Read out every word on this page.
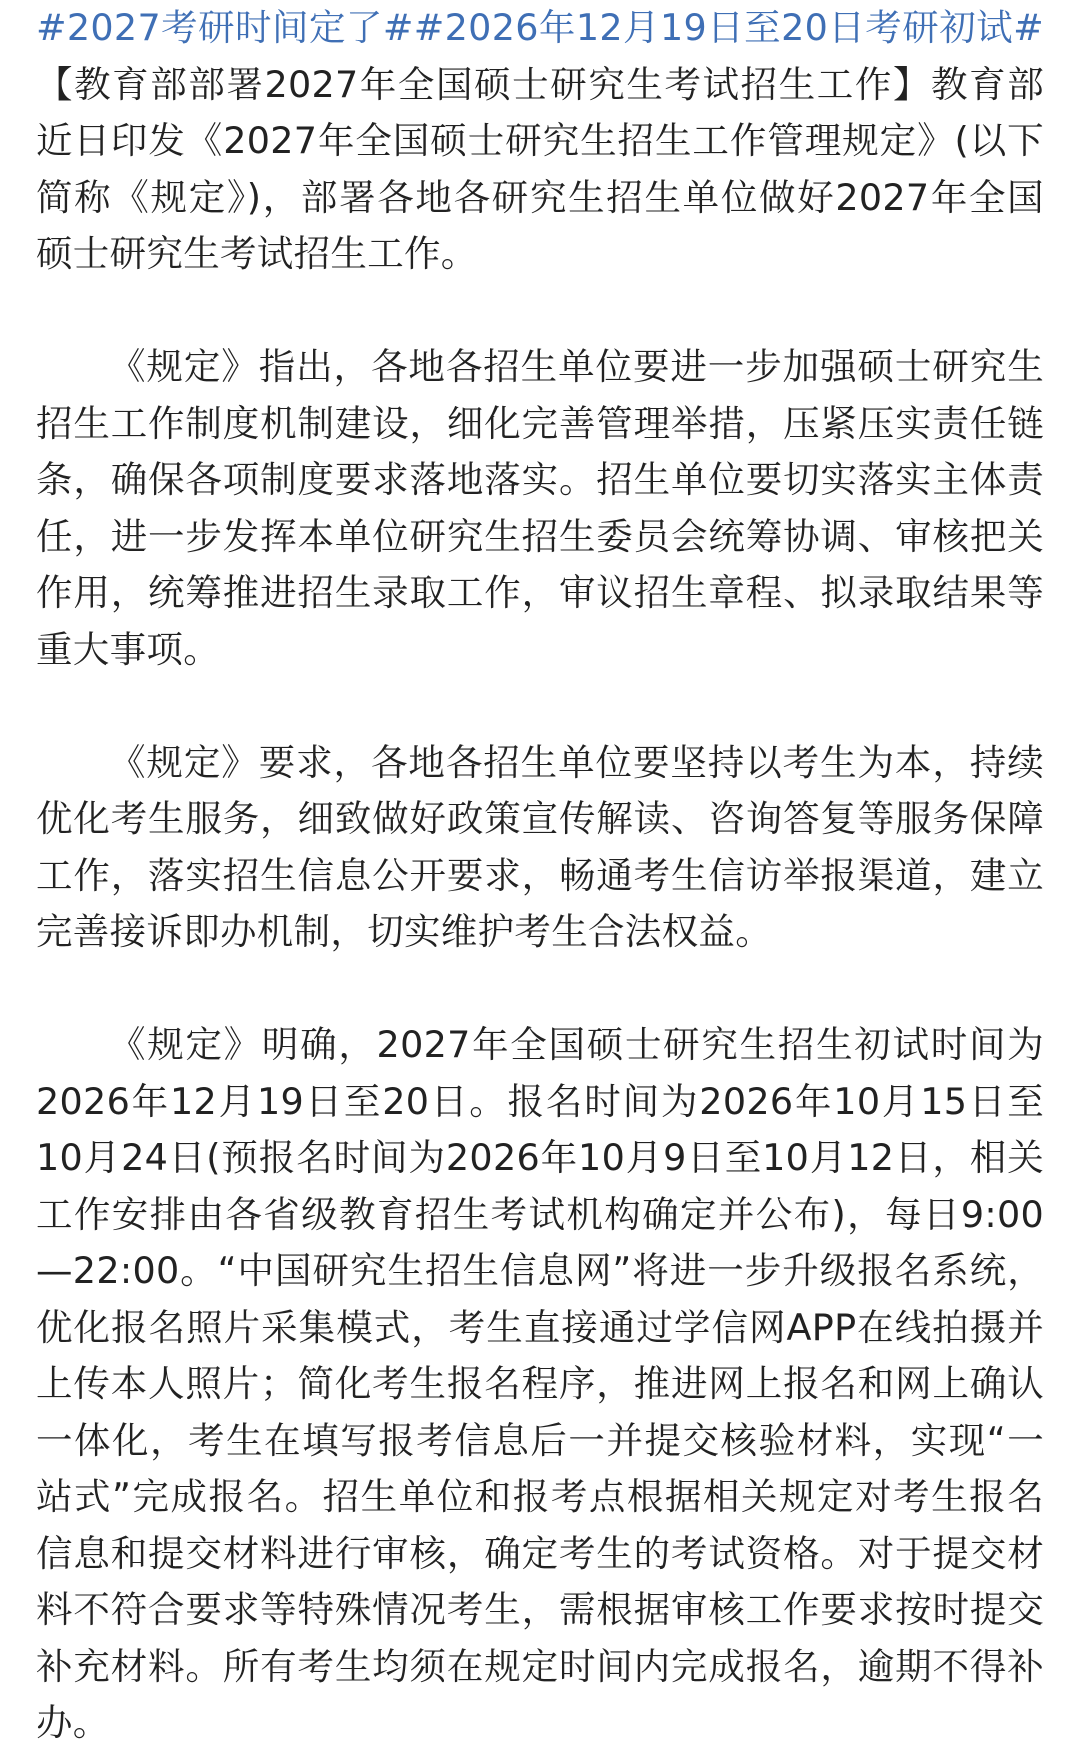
#2027考研时间定了##2026年12月19日至20日考研初试#【教育部部署2027年全国硕士研究生考试招生工作】教育部近日印发《2027年全国硕士研究生招生工作管理规定》(以下简称《规定》)，部署各地各研究生招生单位做好2027年全国硕士研究生考试招生工作。

《规定》指出，各地各招生单位要进一步加强硕士研究生招生工作制度机制建设，细化完善管理举措，压紧压实责任链条，确保各项制度要求落地落实。招生单位要切实落实主体责任，进一步发挥本单位研究生招生委员会统筹协调、审核把关作用，统筹推进招生录取工作，审议招生章程、拟录取结果等重大事项。

《规定》要求，各地各招生单位要坚持以考生为本，持续优化考生服务，细致做好政策宣传解读、咨询答复等服务保障工作，落实招生信息公开要求，畅通考生信访举报渠道，建立完善接诉即办机制，切实维护考生合法权益。

《规定》明确，2027年全国硕士研究生招生初试时间为2026年12月19日至20日。报名时间为2026年10月15日至10月24日(预报名时间为2026年10月9日至10月12日，相关工作安排由各省级教育招生考试机构确定并公布)，每日9:00—22:00。“中国研究生招生信息网”将进一步升级报名系统，优化报名照片采集模式，考生直接通过学信网APP在线拍摄并上传本人照片；简化考生报名程序，推进网上报名和网上确认一体化，考生在填写报考信息后一并提交核验材料，实现“一站式”完成报名。招生单位和报考点根据相关规定对考生报名信息和提交材料进行审核，确定考生的考试资格。对于提交材料不符合要求等特殊情况考生，需根据审核工作要求按时提交补充材料。所有考生均须在规定时间内完成报名，逾期不得补办。
